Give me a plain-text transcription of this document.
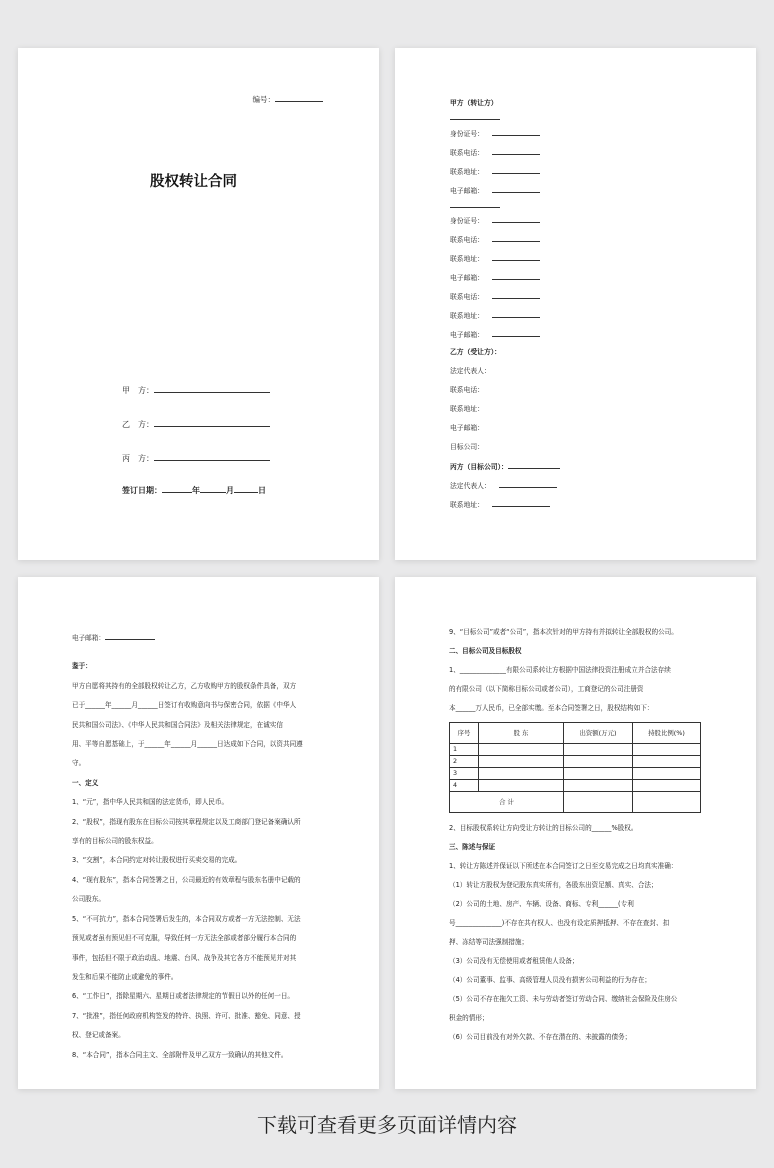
编号：
股权转让合同
甲　方：
乙　方：
丙　方：
签订日期：	年	月	日
甲方（转让方）
身份证号：
联系电话：
联系地址：
电子邮箱：
身份证号：
联系电话：
联系地址：
电子邮箱：
联系电话：
联系地址：
电子邮箱：
乙方（受让方）：
法定代表人：
联系电话：
联系地址：
电子邮箱：
目标公司：
丙方（目标公司）：
法定代表人：
联系地址：

电子邮箱：

鉴于：

甲方自愿将其持有的全部股权转让乙方，乙方收购甲方的股权条件具备，双方

已于______年______月______日签订有收购意向书与保密合同，依据《中华人

民共和国公司法》、《中华人民共和国合同法》及相关法律规定，在诚实信

用、平等自愿基础上，于______年______月______日达成如下合同，以资共同遵

守。

一、定义

1、“元”，指中华人民共和国的法定货币，即人民币。

2、“股权”，指现有股东在目标公司按其章程规定以及工商部门登记备案确认所

享有的目标公司的股东权益。

3、“交割”，本合同约定对转让股权进行买卖交易的完成。

4、“现有股东”，指本合同签署之日，公司最近的有效章程与股东名册中记载的

公司股东。

5、“不可抗力”，指本合同签署后发生的，本合同双方或者一方无法控制、无法

预见或者虽有预见但不可克服，导致任何一方无法全部或者部分履行本合同的

事件，包括但不限于政治动乱、地震、台风、战争及其它各方不能预见并对其

发生和后果不能防止或避免的事件。

6、“工作日”，指除星期六、星期日或者法律规定的节假日以外的任何一日。

7、“批准”，指任何政府机构签发的特许、执照、许可、批准、豁免、同意、授

权、登记或备案。

8、“本合同”，指本合同主文、全部附件及甲乙双方一致确认的其他文件。

9、“目标公司”或者“公司”，指本次针对的甲方持有并拟转让全部股权的公司。

二、目标公司及目标股权

1、______________有限公司系转让方根据中国法律投资注册成立并合法存续

的有限公司（以下简称目标公司或者公司），工商登记的公司注册资

本______万人民币，已全部实缴。至本合同签署之日，股权结构如下：

序号	股 东	出资额(万元)	持股比例(%)
1			
2			
3			
4			
合 计			

2、目标股权系转让方向受让方转让的目标公司的______%股权。

三、陈述与保证

1、转让方陈述并保证以下所述在本合同签订之日至交易完成之日均真实准确：

（1）转让方股权为登记股东真实所有，各股东出资足额、真实、合法；

（2）公司的土地、房产、车辆、设备、商标、专利______(专利

号______________)不存在共有权人、也没有设定质押抵押、不存在查封、扣

押、冻结等司法强制措施；

（3）公司没有无偿使用或者租赁他人设备；

（4）公司董事、监事、高级管理人员没有损害公司利益的行为存在；

（5）公司不存在拖欠工资、未与劳动者签订劳动合同、缴纳社会保险及住房公

积金的情形；

（6）公司目前没有对外欠款、不存在潜在的、未披露的债务；

下载可查看更多页面详情内容
